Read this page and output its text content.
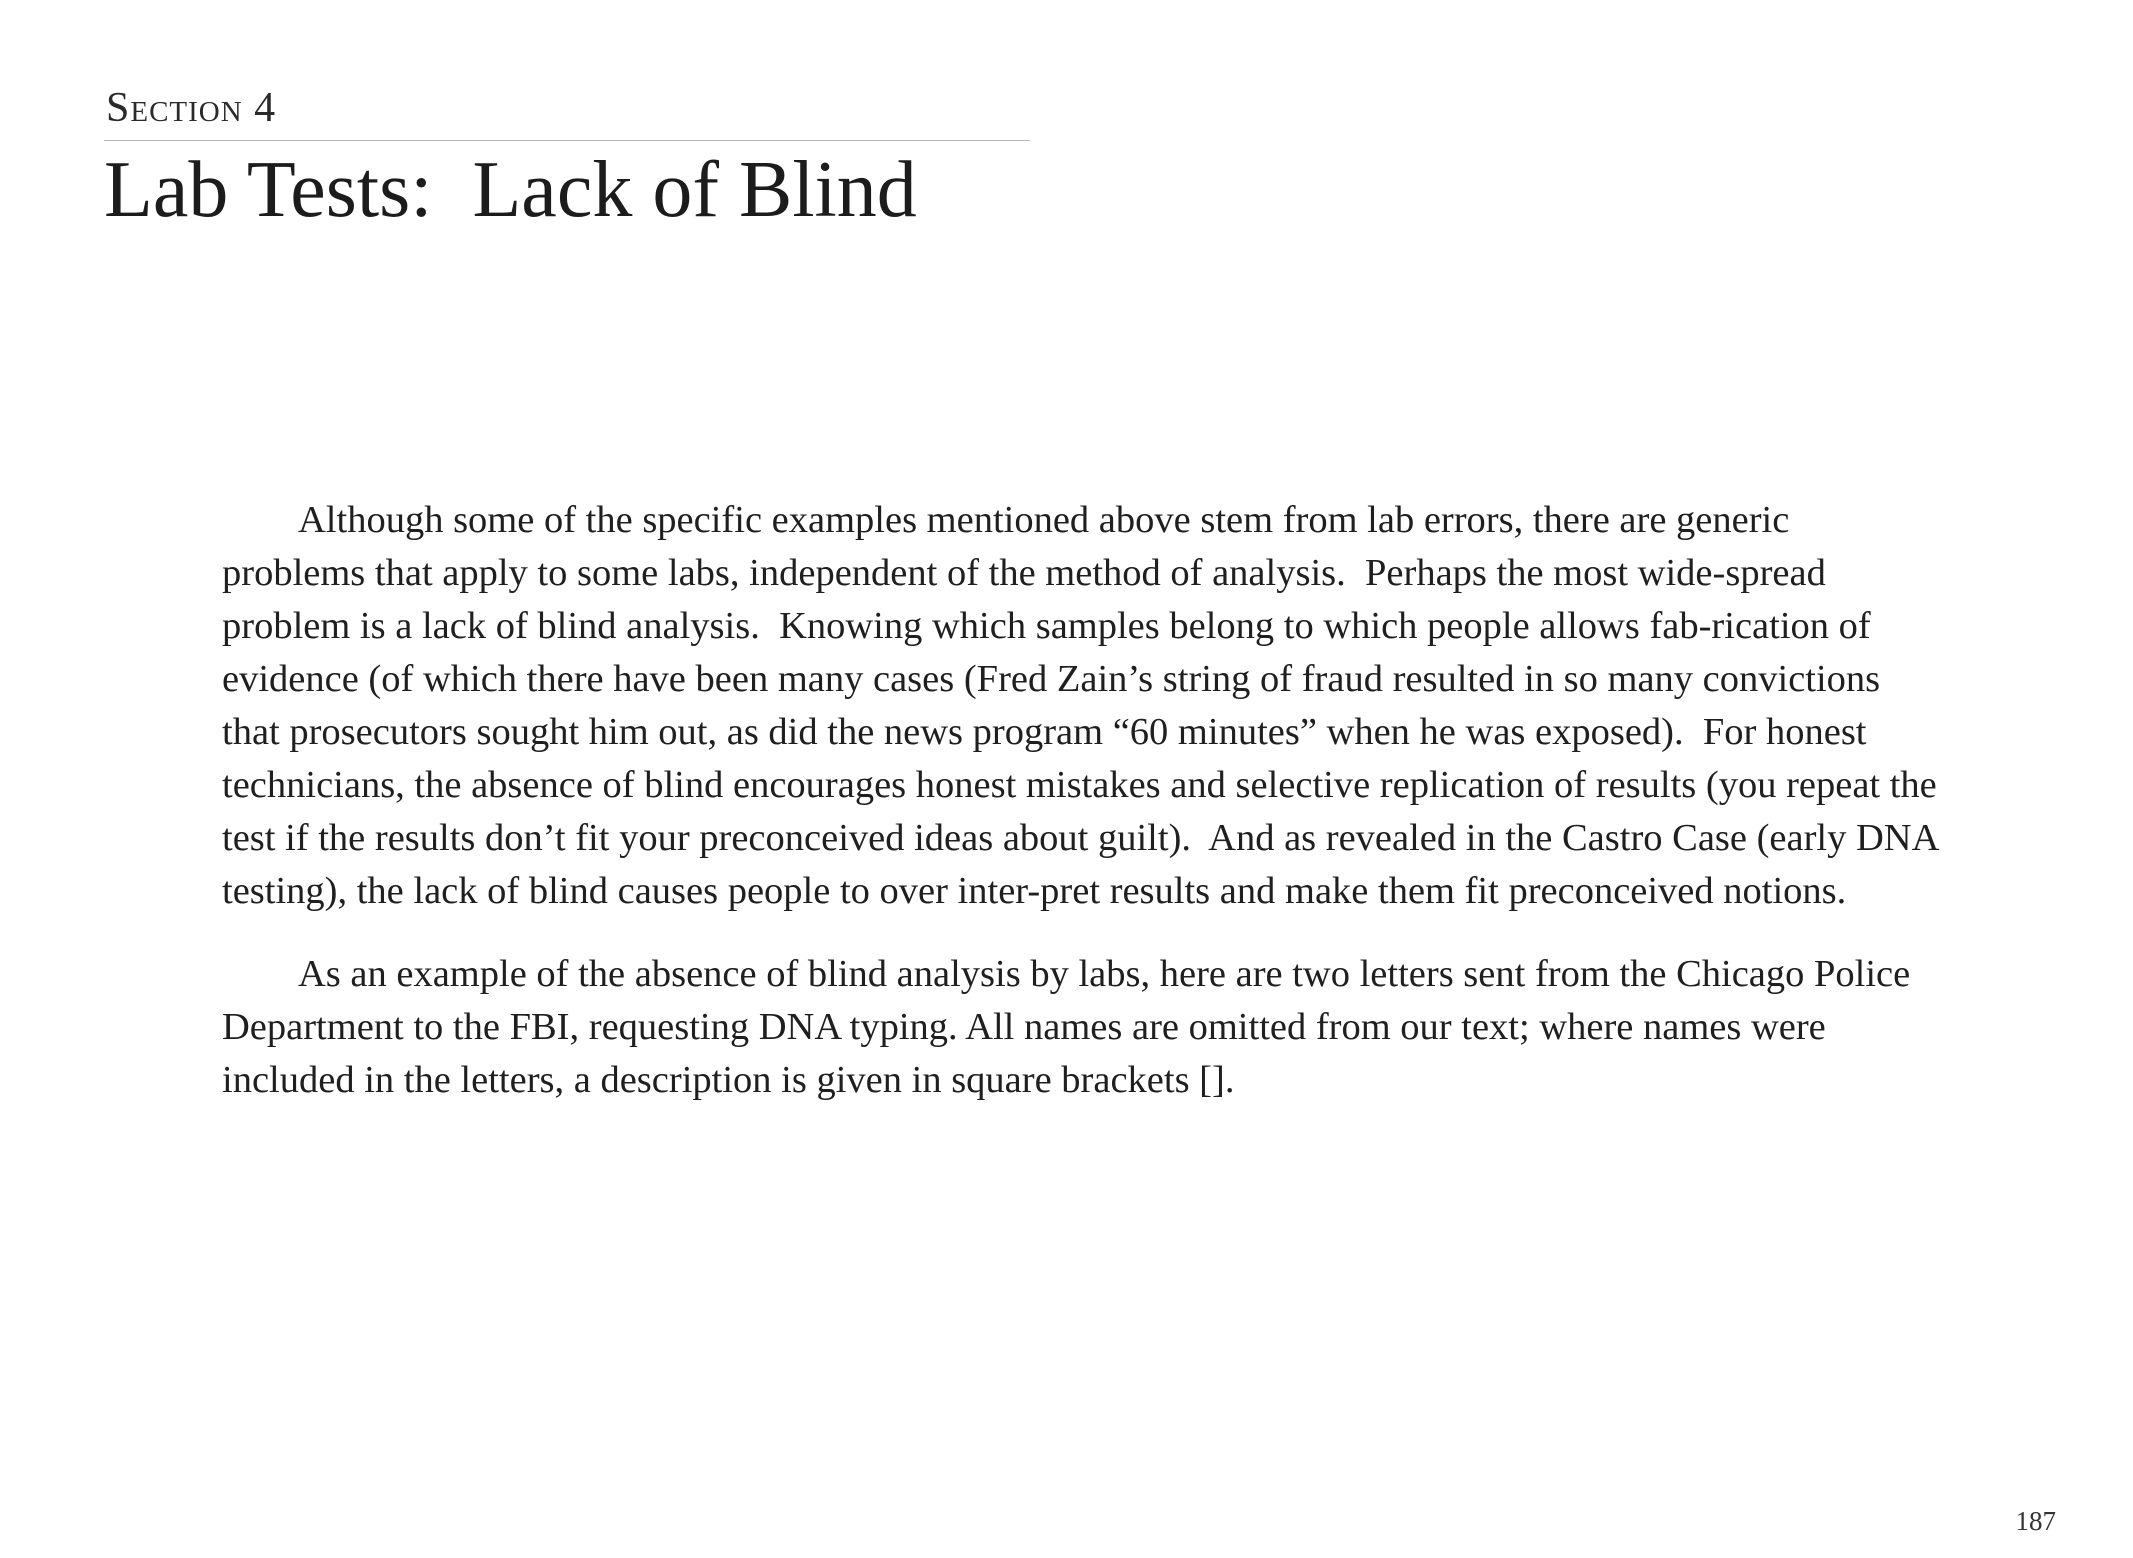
Section 4
Lab Tests:  Lack of Blind

Although some of the specific examples mentioned above stem from lab errors, there are generic problems that apply to some labs, independent of the method of analysis.  Perhaps the most wide-spread problem is a lack of blind analysis.  Knowing which samples belong to which people allows fab-rication of evidence (of which there have been many cases (Fred Zain’s string of fraud resulted in so many convictions that prosecutors sought him out, as did the news program “60 minutes” when he was exposed).  For honest technicians, the absence of blind encourages honest mistakes and selective replication of results (you repeat the test if the results don’t fit your preconceived ideas about guilt).  And as revealed in the Castro Case (early DNA testing), the lack of blind causes people to over inter-pret results and make them fit preconceived notions.

As an example of the absence of blind analysis by labs, here are two letters sent from the Chicago Police Department to the FBI, requesting DNA typing. All names are omitted from our text; where names were included in the letters, a description is given in square brackets [].

187
